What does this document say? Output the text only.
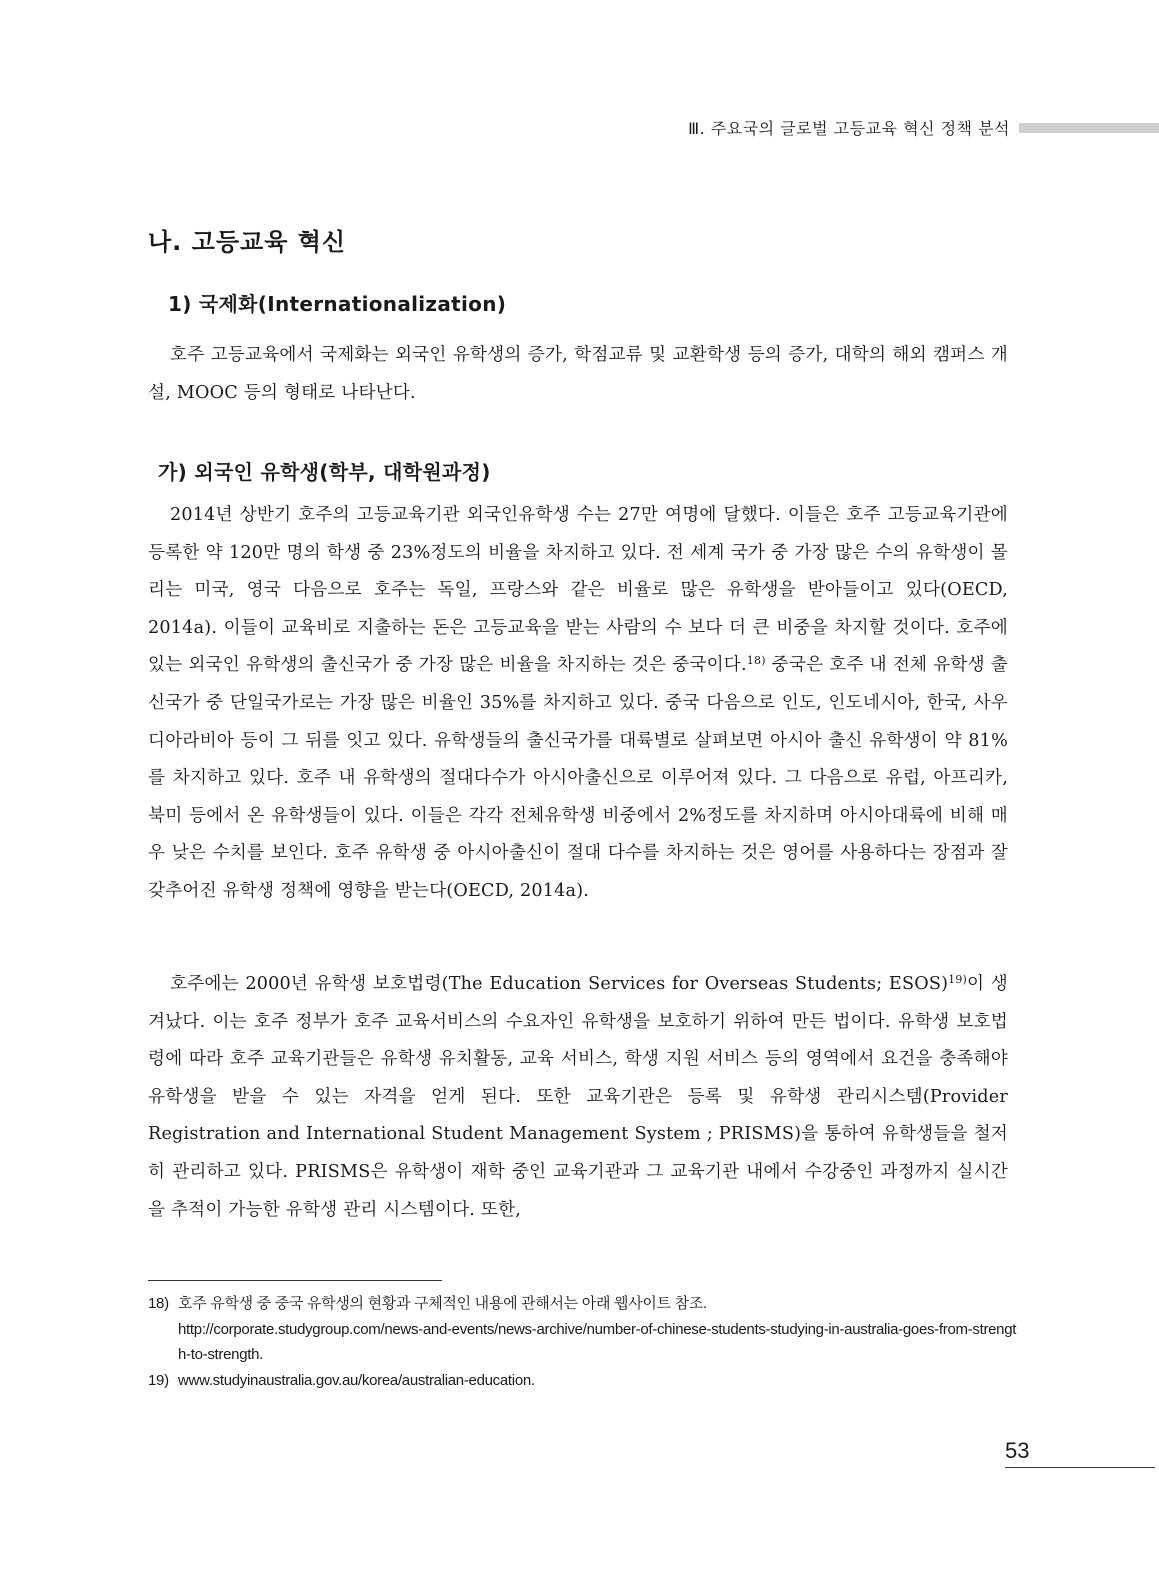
Ⅲ. 주요국의 글로벌 고등교육 혁신 정책 분석
나. 고등교육 혁신
1) 국제화(Internationalization)

호주 고등교육에서 국제화는 외국인 유학생의 증가, 학점교류 및 교환학생 등의 증가, 대학의 해외 캠퍼스 개설, MOOC 등의 형태로 나타난다.

가) 외국인 유학생(학부, 대학원과정)

2014년 상반기 호주의 고등교육기관 외국인유학생 수는 27만 여명에 달했다. 이들은 호주 고등교육기관에 등록한 약 120만 명의 학생 중 23%정도의 비율을 차지하고 있다. 전 세계 국가 중 가장 많은 수의 유학생이 몰리는 미국, 영국 다음으로 호주는 독일, 프랑스와 같은 비율로 많은 유학생을 받아들이고 있다(OECD, 2014a). 이들이 교육비로 지출하는 돈은 고등교육을 받는 사람의 수 보다 더 큰 비중을 차지할 것이다. 호주에 있는 외국인 유학생의 출신국가 중 가장 많은 비율을 차지하는 것은 중국이다.$^{18)}$ 중국은 호주 내 전체 유학생 출신국가 중 단일국가로는 가장 많은 비율인 35%를 차지하고 있다. 중국 다음으로 인도, 인도네시아, 한국, 사우디아라비아 등이 그 뒤를 잇고 있다. 유학생들의 출신국가를 대륙별로 살펴보면 아시아 출신 유학생이 약 81%를 차지하고 있다. 호주 내 유학생의 절대다수가 아시아출신으로 이루어져 있다. 그 다음으로 유럽, 아프리카, 북미 등에서 온 유학생들이 있다. 이들은 각각 전체유학생 비중에서 2%정도를 차지하며 아시아대륙에 비해 매우 낮은 수치를 보인다. 호주 유학생 중 아시아출신이 절대 다수를 차지하는 것은 영어를 사용하다는 장점과 잘 갖추어진 유학생 정책에 영향을 받는다(OECD, 2014a).

호주에는 2000년 유학생 보호법령(The Education Services for Overseas Students; ESOS)$^{19)}$이 생겨났다. 이는 호주 정부가 호주 교육서비스의 수요자인 유학생을 보호하기 위하여 만든 법이다. 유학생 보호법령에 따라 호주 교육기관들은 유학생 유치활동, 교육 서비스, 학생 지원 서비스 등의 영역에서 요건을 충족해야 유학생을 받을 수 있는 자격을 얻게 된다. 또한 교육기관은 등록 및 유학생 관리시스템(Provider Registration and International Student Management System ; PRISMS)을 통하여 유학생들을 철저히 관리하고 있다. PRISMS은 유학생이 재학 중인 교육기관과 그 교육기관 내에서 수강중인 과정까지 실시간을 추적이 가능한 유학생 관리 시스템이다. 또한,

18) 호주 유학생 중 중국 유학생의 현황과 구체적인 내용에 관해서는 아래 웹사이트 참조.
http://corporate.studygroup.com/news-and-events/news-archive/number-of-chinese-students-studying-in-australia-goes-from-strength-to-strength.
19) www.studyinaustralia.gov.au/korea/australian-education.
53
